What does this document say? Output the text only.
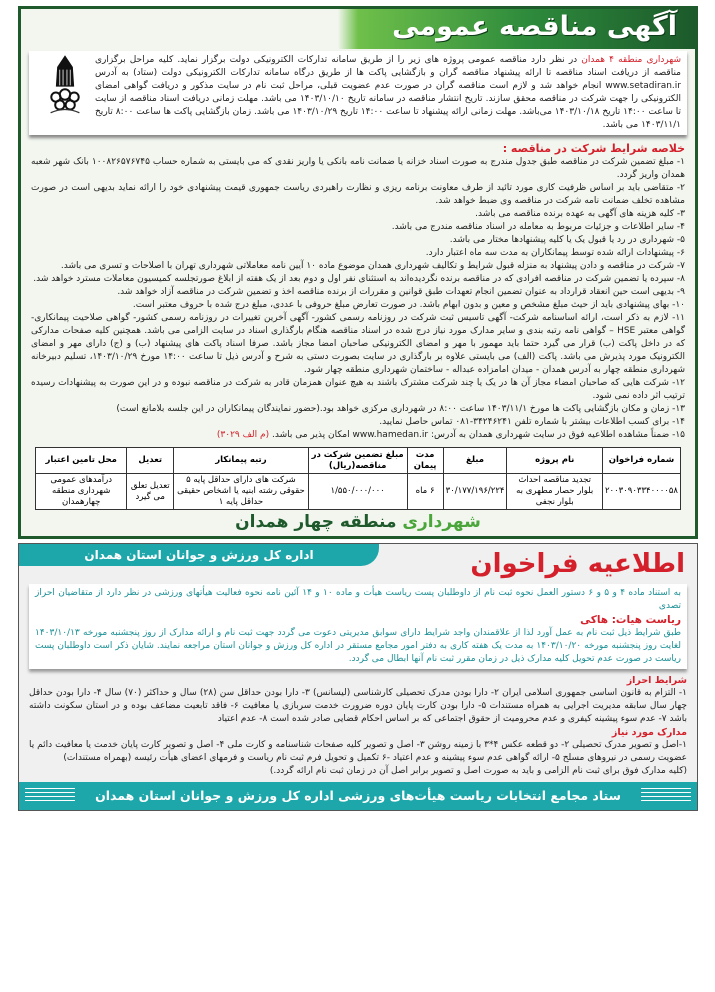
آگهی مناقصه عمومی
شهرداری منطقه ۴ همدان در نظر دارد مناقصه عمومی پروژه های زیر را از طریق سامانه تدارکات الکترونیکی دولت برگزار نماید. کلیه مراحل برگزاری مناقصه از دریافت اسناد مناقصه تا ارائه پیشنهاد مناقصه گران و بازگشایی پاکت ها از طریق درگاه سامانه تدارکات الکترونیکی دولت (ستاد) به آدرس www.setadiran.ir انجام خواهد شد و لازم است مناقصه گران در صورت عدم عضویت قبلی، مراحل ثبت نام در سایت مذکور و دریافت گواهی امضای الکترونیکی را جهت شرکت در مناقصه محقق سازند. تاریخ انتشار مناقصه در سامانه تاریخ ۱۴۰۳/۱۰/۱۰ می باشد. مهلت زمانی دریافت اسناد مناقصه از سایت تا ساعت ۱۴:۰۰ تاریخ ۱۴۰۳/۱۰/۱۸ می‌باشد. مهلت زمانی ارائه پیشنهاد تا ساعت ۱۴:۰۰ تاریخ ۱۴۰۳/۱۰/۲۹ می باشد. زمان بازگشایی پاکت ها ساعت ۸:۰۰ تاریخ ۱۴۰۳/۱۱/۱ می باشد.
خلاصه شرایط شرکت در مناقصه :
۱- مبلغ تضمین شرکت در مناقصه طبق جدول مندرج به صورت اسناد خزانه یا ضمانت نامه بانکی یا واریز نقدی که می بایستی به شماره حساب ۱۰۰۸۲۶۵۷۶۷۴۵ بانک شهر شعبه همدان واریز گردد.
۲- متقاضی باید بر اساس ظرفیت کاری مورد تائید از طرف معاونت برنامه ریزی و نظارت راهبردی ریاست جمهوری قیمت پیشنهادی خود را ارائه نماید بدیهی است در صورت مشاهده تخلف ضمانت نامه شرکت در مناقصه وی ضبط خواهد شد.
۳- کلیه هزینه های آگهی به عهده برنده مناقصه می باشد.
۴- سایر اطلاعات و جزئیات مربوط به معامله در اسناد مناقصه مندرج می باشد.
۵- شهرداری در رد یا قبول یک یا کلیه پیشنهادها مختار می باشد.
۶- پیشنهادات ارائه شده توسط پیمانکاران به مدت سه ماه اعتبار دارد.
۷- شرکت در مناقصه و دادن پیشنهاد به منزله قبول شرایط و تکالیف شهرداری همدان موضوع ماده ۱۰ آیین نامه معاملاتی شهرداری تهران با اصلاحات و تسری می باشد.
۸- سپرده یا تضمین شرکت در مناقصه افرادی که در مناقصه برنده نگردیده‌اند به استثنای نفر اول و دوم بعد از یک هفته از ابلاغ صورتجلسه کمیسیون معاملات مسترد خواهد شد.
۹- بدیهی است حین انعقاد قرارداد به عنوان تضمین انجام تعهدات طبق قوانین و مقررات از برنده مناقصه اخذ و تضمین شرکت در مناقصه آزاد خواهد شد.
۱۰- بهای پیشنهادی باید از حیث مبلغ مشخص و معین و بدون ابهام باشد. در صورت تعارض مبلغ حروفی با عددی، مبلغ درج شده با حروف معتبر است.
۱۱- لازم به ذکر است، ارائه اساسنامه شرکت- آگهی تاسیس ثبت شرکت در روزنامه رسمی کشور- آگهی آخرین تغییرات در روزنامه رسمی کشور- گواهی صلاحیت پیمانکاری- گواهی معتبر HSE – گواهی نامه رتبه بندی و سایر مدارک مورد نیاز درج شده در اسناد مناقصه هنگام بارگذاری اسناد در سایت الزامی می باشد. همچنین کلیه صفحات مدارکی که در داخل پاکت (ب) قرار می گیرد حتما باید مهمور با مهر و امضای الکترونیکی صاحبان امضا مجاز باشد. صرفا اسناد پاکت های پیشنهاد (ب) و (ج) دارای مهر و امضای الکترونیک مورد پذیرش می باشد. پاکت (الف) می بایستی علاوه بر بارگذاری در سایت بصورت دستی به شرح و آدرس ذیل تا ساعت ۱۴:۰۰ مورخ ۱۴۰۳/۱۰/۲۹، تسلیم دبیرخانه شهرداری منطقه چهار به آدرس همدان - میدان امامزاده عبداله - ساختمان شهرداری منطقه چهار شود.
۱۲- شرکت هایی که صاحبان امضاء مجاز آن ها در یک یا چند شرکت مشترک باشند به هیچ عنوان همزمان قادر به شرکت در مناقصه نبوده و در این صورت به پیشنهادات رسیده ترتیب اثر داده نمی شود.
۱۳- زمان و مکان بازگشایی پاکت ها مورخ ۱۴۰۳/۱۱/۱ ساعت ۸:۰۰ در شهرداری مرکزی خواهد بود.(حضور نمایندگان پیمانکاران در این جلسه بلامانع است)
۱۴- برای کسب اطلاعات بیشتر با شماره تلفن ۳۴۲۴۶۲۴۱-۰۸۱ تماس حاصل نمایید.
۱۵- ضمناً مشاهده اطلاعیه فوق در سایت شهرداری همدان به آدرس: www.hamedan.ir امکان پذیر می باشد. (م الف ۳۰۲۹)
شماره فراخوان	نام پروژه	مبلغ	مدت پیمان	مبلغ تضمین شرکت در مناقصه(ریال)	رتبه پیمانکار	تعدیل	محل تامین اعتبار
۲۰۰۳۰۹۰۳۳۴۰۰۰۰۵۸	تجدید مناقصه احداث بلوار حصار مطهری به بلوار نجفی	۳۰/۱۷۷/۱۹۶/۲۲۴	۶ ماه	۱/۵۵۰/۰۰۰/۰۰۰	شرکت های دارای حداقل پایه ۵ حقوقی رشته ابنیه یا اشخاص حقیقی حداقل پایه ۱	تعدیل تعلق می گیرد	درآمدهای عمومی شهرداری منطقه چهارهمدان
شهرداری منطقه چهار همدان
اداره کل ورزش و جوانان استان همدان	اطلاعیه فراخوان
به استناد ماده ۴ و ۵ و ۶ دستور العمل نحوه ثبت نام از داوطلبان پست ریاست هیأت و ماده ۱۰ و ۱۴ آئین نامه نحوه فعالیت هیأتهای ورزشی در نظر دارد از متقاضیان احراز تصدی
ریاست هیات: هاکی
طبق شرایط ذیل ثبت نام به عمل آورد لذا از علاقمندان واجد شرایط دارای سوابق مدیریتی دعوت می گردد جهت ثبت نام و ارائه مدارک از روز پنجشنبه مورخه ۱۴۰۳/۱۰/۱۳ لغایت روز پنجشنبه مورخه ۱۴۰۳/۱۰/۲۰ به مدت یک هفته کاری به دفتر امور مجامع مستقر در اداره کل ورزش و جوانان استان مراجعه نمایند. شایان ذکر است داوطلبان پست ریاست در صورت عدم تحویل کلیه مدارک ذیل در زمان مقرر ثبت نام آنها ابطال می گردد.
شرایط احراز
۱- التزام به قانون اساسی جمهوری اسلامی ایران ۲- دارا بودن مدرک تحصیلی کارشناسی (لیسانس) ۳- دارا بودن حداقل سن (۲۸) سال و حداکثر (۷۰) سال ۴- دارا بودن حداقل چهار سال سابقه مدیریت اجرایی به همراه مستندات ۵- دارا بودن کارت پایان دوره ضرورت خدمت سربازی یا معافیت ۶- فاقد تابعیت مضاعف بوده و در استان سکونت داشته باشد ۷- عدم سوء پیشینه کیفری و عدم محرومیت از حقوق اجتماعی که بر اساس احکام قضایی صادر شده است ۸- عدم اعتیاد
مدارک مورد نیاز
۱-اصل و تصویر مدرک تحصیلی ۲- دو قطعه عکس ۴*۳ با زمینه روشن ۳- اصل و تصویر کلیه صفحات شناسنامه و کارت ملی ۴- اصل و تصویر کارت پایان خدمت یا معافیت دائم یا عضویت رسمی در نیروهای مسلح ۵- ارائه گواهی عدم سوء پیشینه و عدم اعتیاد -۶ تکمیل و تحویل فرم ثبت نام ریاست و فرمهای اعضای هیأت رئیسه (بهمراه مستندات)
(کلیه مدارک فوق برای ثبت نام الزامی و باید به صورت اصل و تصویر برابر اصل آن در زمان ثبت نام ارائه گردد.)
ستاد مجامع انتخابات ریاست هیأت‌های ورزشی اداره کل ورزش و جوانان استان همدان
